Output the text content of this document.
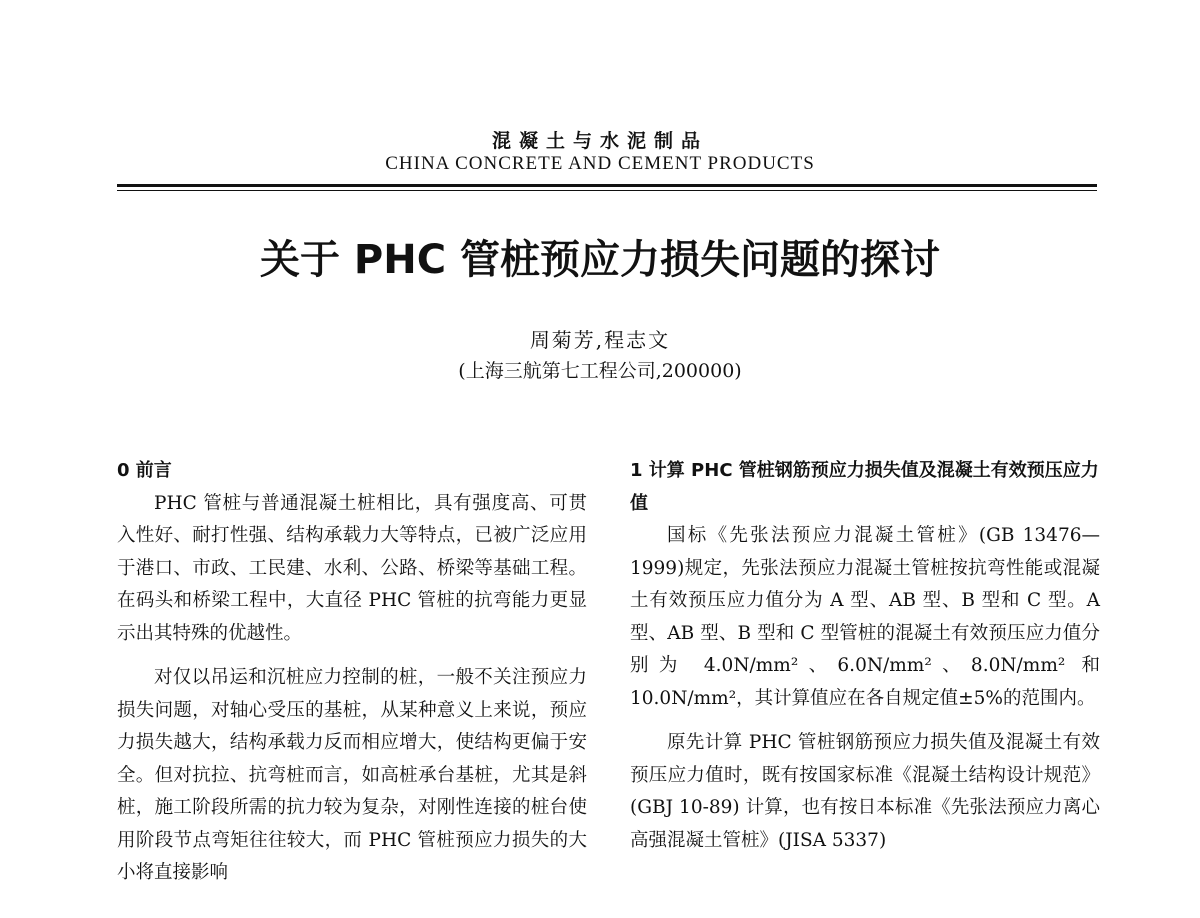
混凝土与水泥制品
CHINA CONCRETE AND CEMENT PRODUCTS
关于 PHC 管桩预应力损失问题的探讨
周菊芳,程志文
(上海三航第七工程公司,200000)
0 前言

PHC 管桩与普通混凝土桩相比，具有强度高、可贯入性好、耐打性强、结构承载力大等特点，已被广泛应用于港口、市政、工民建、水利、公路、桥梁等基础工程。在码头和桥梁工程中，大直径 PHC 管桩的抗弯能力更显示出其特殊的优越性。

对仅以吊运和沉桩应力控制的桩，一般不关注预应力损失问题，对轴心受压的基桩，从某种意义上来说，预应力损失越大，结构承载力反而相应增大，使结构更偏于安全。但对抗拉、抗弯桩而言，如高桩承台基桩，尤其是斜桩，施工阶段所需的抗力较为复杂，对刚性连接的桩台使用阶段节点弯矩往往较大，而 PHC 管桩预应力损失的大小将直接影响

1 计算 PHC 管桩钢筋预应力损失值及混凝土有效预压应力值

国标《先张法预应力混凝土管桩》(GB 13476—1999)规定，先张法预应力混凝土管桩按抗弯性能或混凝土有效预压应力值分为 A 型、AB 型、B 型和 C 型。A 型、AB 型、B 型和 C 型管桩的混凝土有效预压应力值分别为 4.0N/mm²、6.0N/mm²、8.0N/mm² 和 10.0N/mm²，其计算值应在各自规定值±5%的范围内。

原先计算 PHC 管桩钢筋预应力损失值及混凝土有效预压应力值时，既有按国家标准《混凝土结构设计规范》(GBJ 10-89) 计算，也有按日本标准《先张法预应力离心高强混凝土管桩》(JISA 5337)
